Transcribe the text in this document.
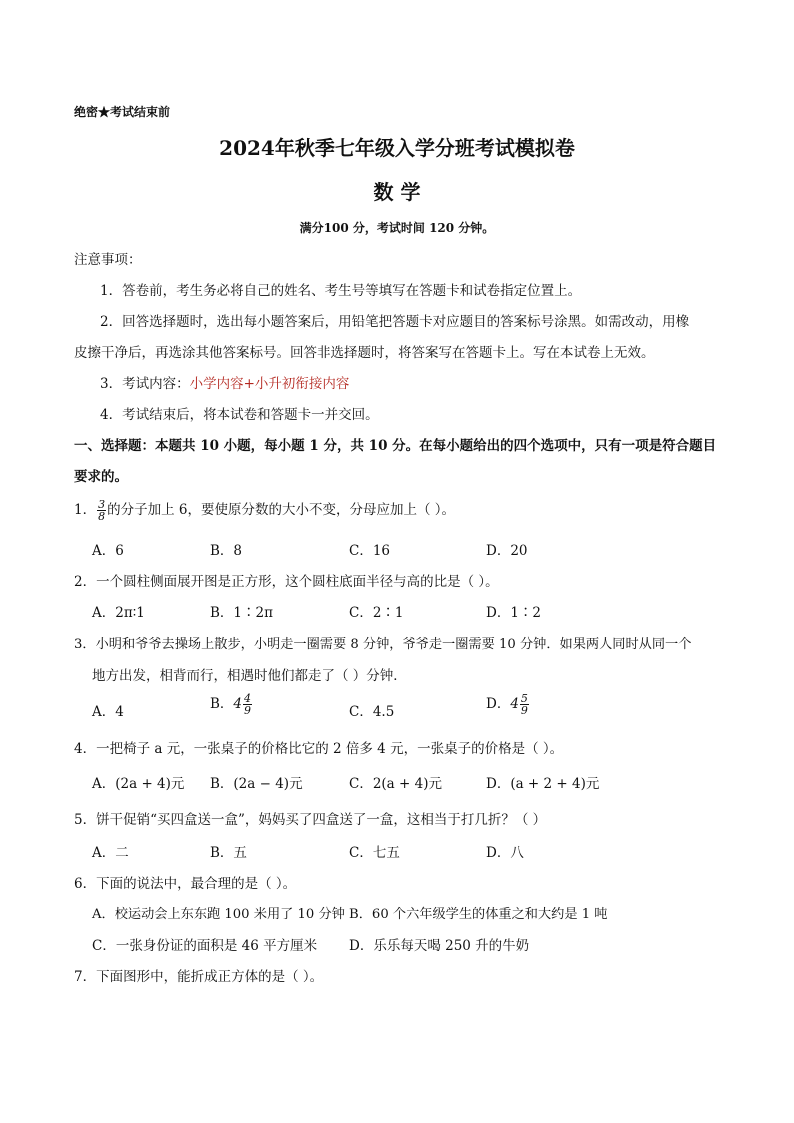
绝密★考试结束前
2024年秋季七年级入学分班考试模拟卷
数 学
满分100 分，考试时间 120 分钟。
注意事项：
1．答卷前，考生务必将自己的姓名、考生号等填写在答题卡和试卷指定位置上。
2．回答选择题时，选出每小题答案后，用铅笔把答题卡对应题目的答案标号涂黑。如需改动，用橡
皮擦干净后，再选涂其他答案标号。回答非选择题时，将答案写在答题卡上。写在本试卷上无效。
3．考试内容：小学内容+小升初衔接内容
4．考试结束后，将本试卷和答题卡一并交回。
一、选择题：本题共 10 小题，每小题 1 分，共 10 分。在每小题给出的四个选项中，只有一项是符合题目
要求的。
1． $\frac{3}{8}$ 的分子加上 6，要使原分数的大小不变，分母应加上（ ）。
A．6	B．8	C．16	D．20
2．一个圆柱侧面展开图是正方形，这个圆柱底面半径与高的比是（ ）。
A．2π∶1	B．1∶2π	C．2∶1	D．1∶2
3．小明和爷爷去操场上散步，小明走一圈需要 8 分钟，爷爷走一圈需要 10 分钟．如果两人同时从同一个
地方出发，相背而行，相遇时他们都走了（ ）分钟．
A．4	B．$4 \frac{4}{9}$	C．4.5	D．$4 \frac{5}{9}$
4．一把椅子 a 元，一张桌子的价格比它的 2 倍多 4 元，一张桌子的价格是（ ）。
A．(2a + 4)元 B．(2a − 4)元	C．2(a + 4)元	D．(a + 2 + 4)元
5．饼干促销“买四盒送一盒”，妈妈买了四盒送了一盒，这相当于打几折？（ ）
A．二	B．五	C．七五	D．八
6．下面的说法中，最合理的是（ ）。
A．校运动会上东东跑 100 米用了 10 分钟 B．60 个六年级学生的体重之和大约是 1 吨
C．一张身份证的面积是 46 平方厘米 D．乐乐每天喝 250 升的牛奶
7．下面图形中，能折成正方体的是（ ）。
